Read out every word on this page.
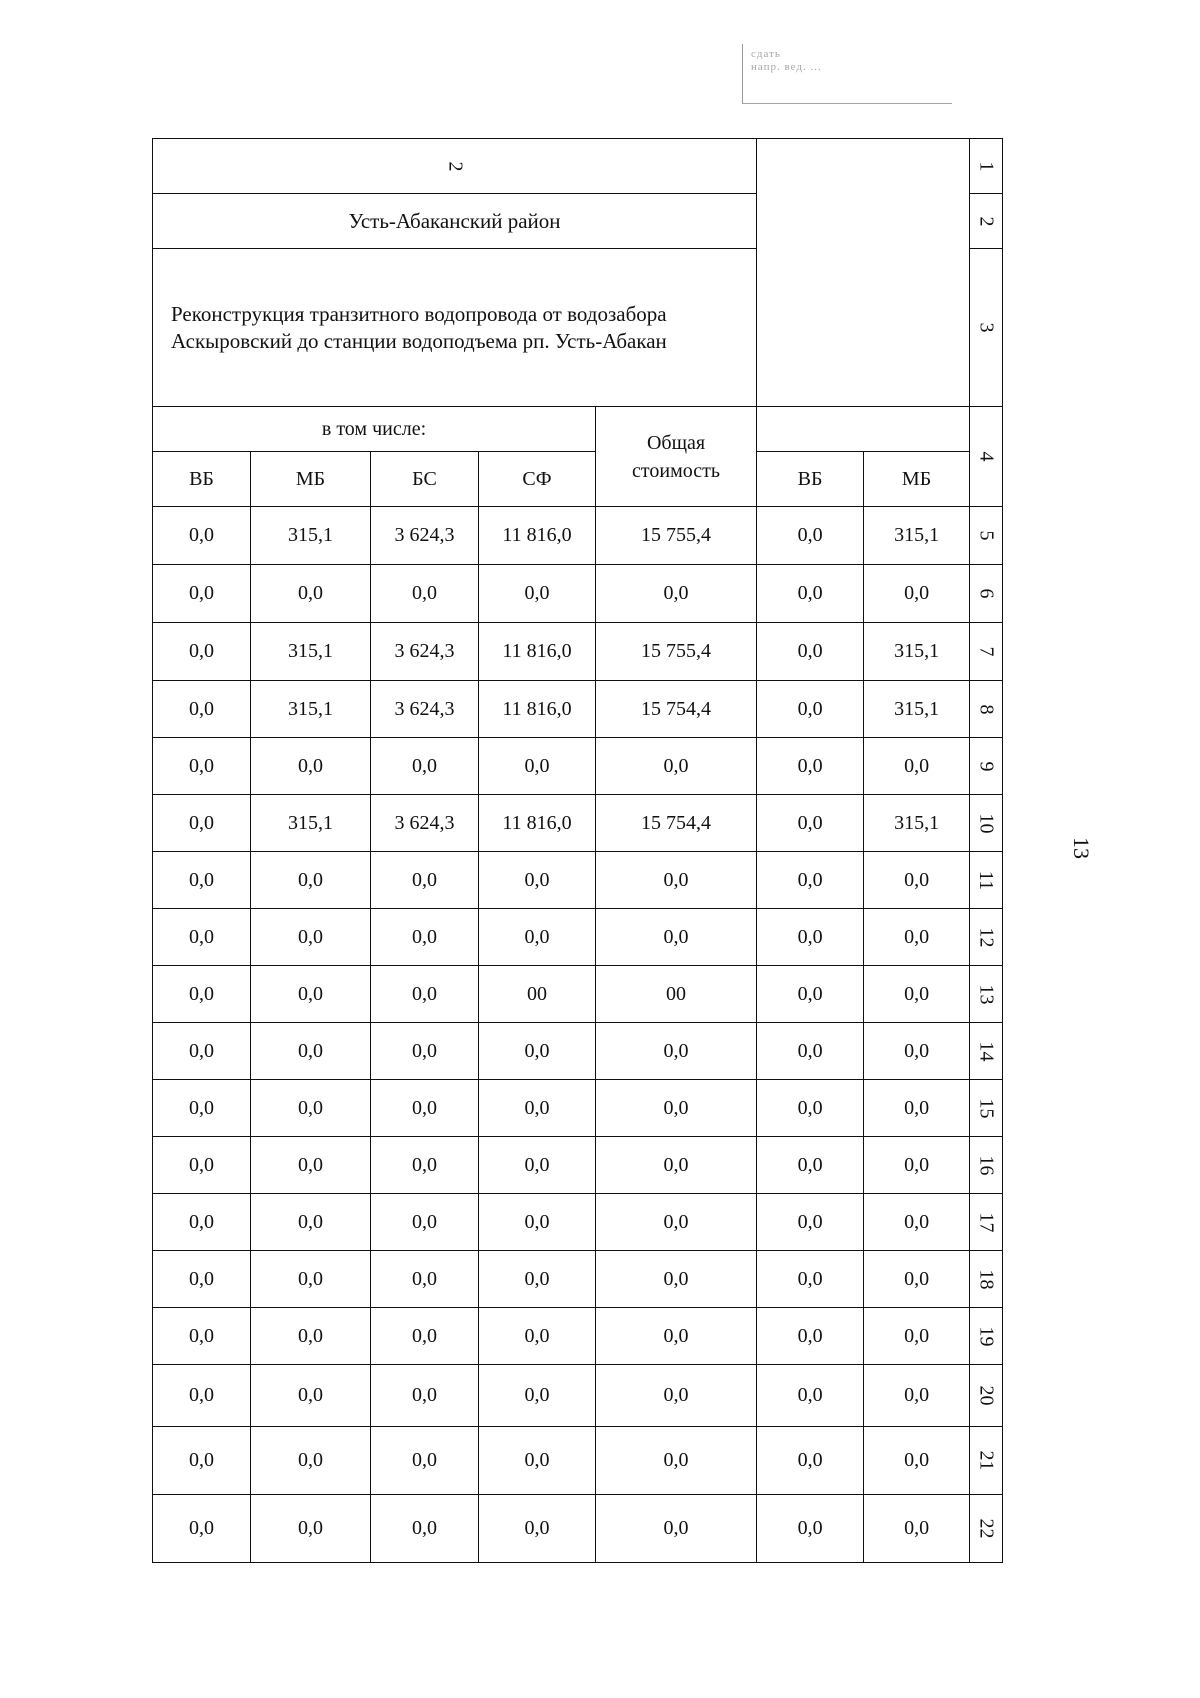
сдать
напр. вед. ...
2							1
Усть-Абаканский район							2

Реконструкция транзитного водопровода от водозабора
Аскыровский до станции водоподъема рп. Усть-Абакан							3
в том числе:				Общая стоимость			4
ВБ	МБ	БС	СФ		ВБ	МБ	
0,0	315,1	3 624,3	11 816,0	15 755,4	0,0	315,1	5
0,0	0,0	0,0	0,0	0,0	0,0	0,0	6
0,0	315,1	3 624,3	11 816,0	15 755,4	0,0	315,1	7
0,0	315,1	3 624,3	11 816,0	15 754,4	0,0	315,1	8
0,0	0,0	0,0	0,0	0,0	0,0	0,0	9
0,0	315,1	3 624,3	11 816,0	15 754,4	0,0	315,1	10
0,0	0,0	0,0	0,0	0,0	0,0	0,0	11
0,0	0,0	0,0	0,0	0,0	0,0	0,0	12
0,0	0,0	0,0	00	00	0,0	0,0	13
0,0	0,0	0,0	0,0	0,0	0,0	0,0	14
0,0	0,0	0,0	0,0	0,0	0,0	0,0	15
0,0	0,0	0,0	0,0	0,0	0,0	0,0	16
0,0	0,0	0,0	0,0	0,0	0,0	0,0	17
0,0	0,0	0,0	0,0	0,0	0,0	0,0	18
0,0	0,0	0,0	0,0	0,0	0,0	0,0	19
0,0	0,0	0,0	0,0	0,0	0,0	0,0	20
0,0	0,0	0,0	0,0	0,0	0,0	0,0	21
0,0	0,0	0,0	0,0	0,0	0,0	0,0	22
13
